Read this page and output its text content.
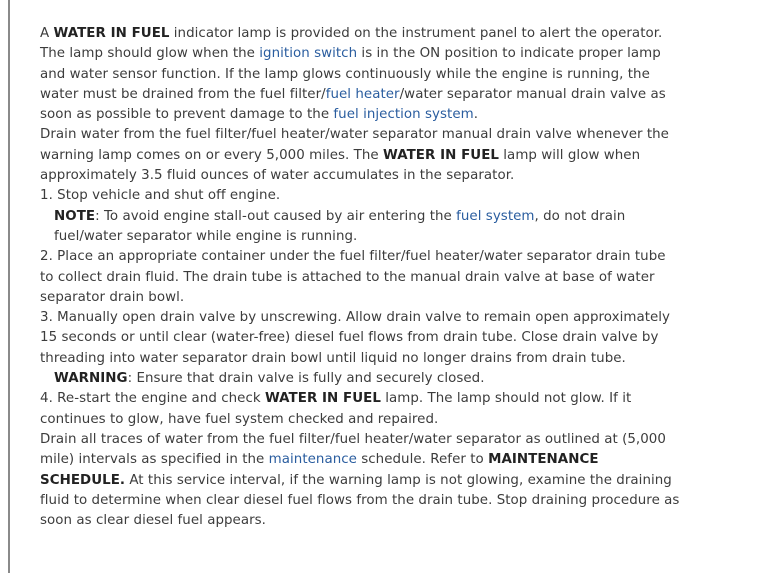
A WATER IN FUEL indicator lamp is provided on the instrument panel to alert the operator. The lamp should glow when the ignition switch is in the ON position to indicate proper lamp and water sensor function. If the lamp glows continuously while the engine is running, the water must be drained from the fuel filter/fuel heater/water separator manual drain valve as soon as possible to prevent damage to the fuel injection system.

Drain water from the fuel filter/fuel heater/water separator manual drain valve whenever the warning lamp comes on or every 5,000 miles. The WATER IN FUEL lamp will glow when approximately 3.5 fluid ounces of water accumulates in the separator.

1. Stop vehicle and shut off engine.

NOTE: To avoid engine stall-out caused by air entering the fuel system, do not drain fuel/water separator while engine is running.

2. Place an appropriate container under the fuel filter/fuel heater/water separator drain tube to collect drain fluid. The drain tube is attached to the manual drain valve at base of water separator drain bowl.

3. Manually open drain valve by unscrewing. Allow drain valve to remain open approximately 15 seconds or until clear (water-free) diesel fuel flows from drain tube. Close drain valve by threading into water separator drain bowl until liquid no longer drains from drain tube.

WARNING: Ensure that drain valve is fully and securely closed.

4. Re-start the engine and check WATER IN FUEL lamp. The lamp should not glow. If it continues to glow, have fuel system checked and repaired.

Drain all traces of water from the fuel filter/fuel heater/water separator as outlined at (5,000 mile) intervals as specified in the maintenance schedule. Refer to MAINTENANCE SCHEDULE. At this service interval, if the warning lamp is not glowing, examine the draining fluid to determine when clear diesel fuel flows from the drain tube. Stop draining procedure as soon as clear diesel fuel appears.
